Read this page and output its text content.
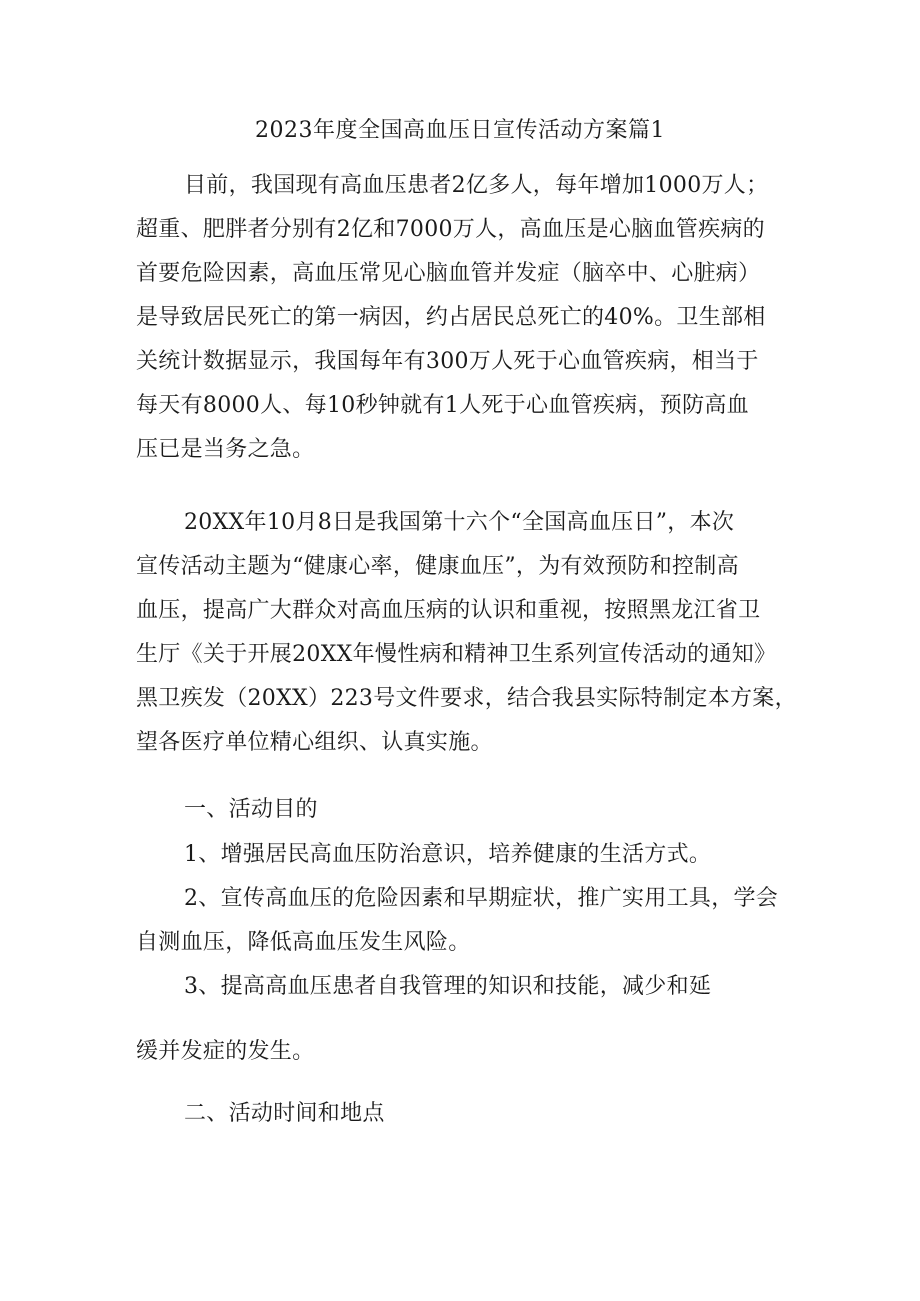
2023年度全国高血压日宣传活动方案篇1
目前，我国现有高血压患者2亿多人，每年增加1000万人；
超重、肥胖者分别有2亿和7000万人，高血压是心脑血管疾病的
首要危险因素，高血压常见心脑血管并发症（脑卒中、心脏病）
是导致居民死亡的第一病因，约占居民总死亡的40%。卫生部相
关统计数据显示，我国每年有300万人死于心血管疾病，相当于
每天有8000人、每10秒钟就有1人死于心血管疾病，预防高血
压已是当务之急。
20XX年10月8日是我国第十六个“全国高血压日”，本次
宣传活动主题为“健康心率，健康血压”，为有效预防和控制高
血压，提高广大群众对高血压病的认识和重视，按照黑龙江省卫
生厅《关于开展20XX年慢性病和精神卫生系列宣传活动的通知》
黑卫疾发（20XX）223号文件要求，结合我县实际特制定本方案，
望各医疗单位精心组织、认真实施。
一、活动目的
1、增强居民高血压防治意识，培养健康的生活方式。
2、宣传高血压的危险因素和早期症状，推广实用工具，学会
自测血压，降低高血压发生风险。
3、提高高血压患者自我管理的知识和技能，减少和延
缓并发症的发生。
二、活动时间和地点
